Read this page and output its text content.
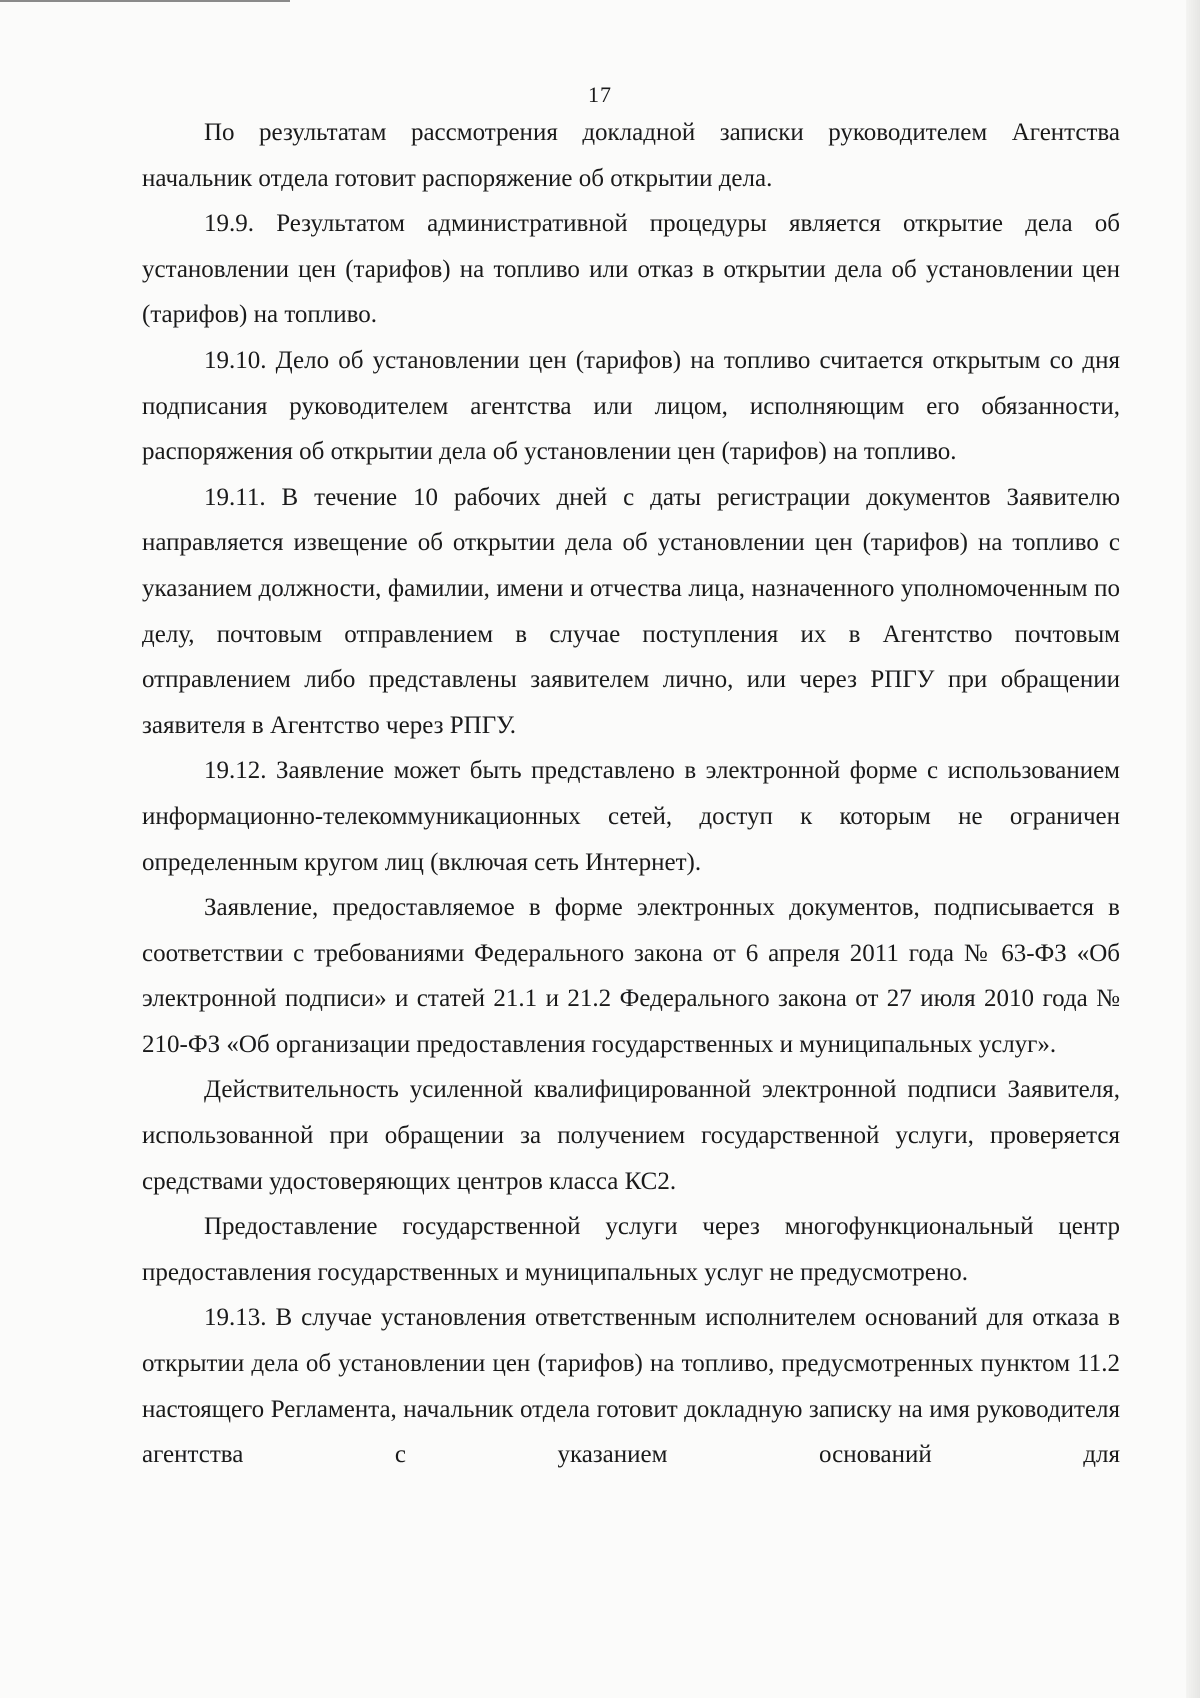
17

По результатам рассмотрения докладной записки руководителем Агентства начальник отдела готовит распоряжение об открытии дела.

19.9. Результатом административной процедуры является открытие дела об установлении цен (тарифов) на топливо или отказ в открытии дела об установлении цен (тарифов) на топливо.

19.10. Дело об установлении цен (тарифов) на топливо считается открытым со дня подписания руководителем агентства или лицом, исполняющим его обязанности, распоряжения об открытии дела об установлении цен (тарифов) на топливо.

19.11. В течение 10 рабочих дней с даты регистрации документов Заявителю направляется извещение об открытии дела об установлении цен (тарифов) на топливо с указанием должности, фамилии, имени и отчества лица, назначенного уполномоченным по делу, почтовым отправлением в случае поступления их в Агентство почтовым отправлением либо представлены заявителем лично, или через РПГУ при обращении заявителя в Агентство через РПГУ.

19.12. Заявление может быть представлено в электронной форме с использованием информационно-телекоммуникационных сетей, доступ к которым не ограничен определенным кругом лиц (включая сеть Интернет).

Заявление, предоставляемое в форме электронных документов, подписывается в соответствии с требованиями Федерального закона от 6 апреля 2011 года № 63-ФЗ «Об электронной подписи» и статей 21.1 и 21.2 Федерального закона от 27 июля 2010 года № 210-ФЗ «Об организации предоставления государственных и муниципальных услуг».

Действительность усиленной квалифицированной электронной подписи Заявителя, использованной при обращении за получением государственной услуги, проверяется средствами удостоверяющих центров класса КС2.

Предоставление государственной услуги через многофункциональный центр предоставления государственных и муниципальных услуг не предусмотрено.

19.13. В случае установления ответственным исполнителем оснований для отказа в открытии дела об установлении цен (тарифов) на топливо, предусмотренных пунктом 11.2 настоящего Регламента, начальник отдела готовит докладную записку на имя руководителя агентства с указанием оснований для
